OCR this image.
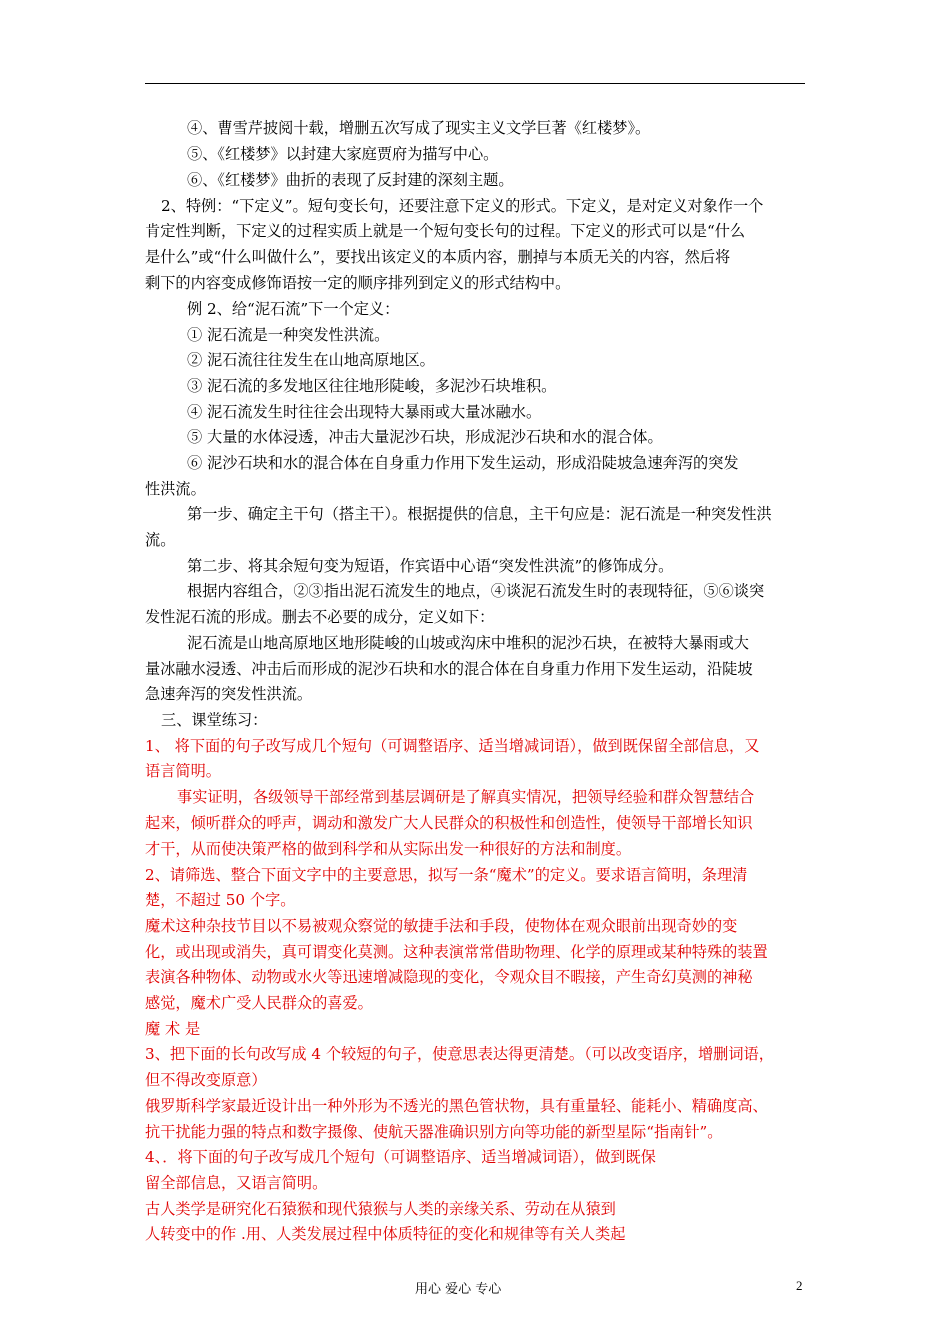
④、曹雪芹披阅十载，增删五次写成了现实主义文学巨著《红楼梦》。
⑤、《红楼梦》以封建大家庭贾府为描写中心。
⑥、《红楼梦》曲折的表现了反封建的深刻主题。
2、特例：“下定义”。短句变长句，还要注意下定义的形式。下定义，是对定义对象作一个
肯定性判断，下定义的过程实质上就是一个短句变长句的过程。下定义的形式可以是“什么
是什么”或“什么叫做什么”，要找出该定义的本质内容，删掉与本质无关的内容，然后将
剩下的内容变成修饰语按一定的顺序排列到定义的形式结构中。
例 2、给“泥石流”下一个定义：
① 泥石流是一种突发性洪流。
② 泥石流往往发生在山地高原地区。
③ 泥石流的多发地区往往地形陡峻，多泥沙石块堆积。
④ 泥石流发生时往往会出现特大暴雨或大量冰融水。
⑤ 大量的水体浸透，冲击大量泥沙石块，形成泥沙石块和水的混合体。
⑥ 泥沙石块和水的混合体在自身重力作用下发生运动，形成沿陡坡急速奔泻的突发
性洪流。
第一步、确定主干句（搭主干）。根据提供的信息，主干句应是：泥石流是一种突发性洪
流。
第二步、将其余短句变为短语，作宾语中心语“突发性洪流”的修饰成分。
根据内容组合，②③指出泥石流发生的地点，④谈泥石流发生时的表现特征，⑤⑥谈突
发性泥石流的形成。删去不必要的成分，定义如下：
泥石流是山地高原地区地形陡峻的山坡或沟床中堆积的泥沙石块，在被特大暴雨或大
量冰融水浸透、冲击后而形成的泥沙石块和水的混合体在自身重力作用下发生运动，沿陡坡
急速奔泻的突发性洪流。
三、课堂练习：
1、 将下面的句子改写成几个短句（可调整语序、适当增减词语），做到既保留全部信息，又
语言简明。
事实证明，各级领导干部经常到基层调研是了解真实情况，把领导经验和群众智慧结合
起来，倾听群众的呼声，调动和激发广大人民群众的积极性和创造性，使领导干部增长知识
才干，从而使决策严格的做到科学和从实际出发一种很好的方法和制度。
2、请筛选、整合下面文字中的主要意思，拟写一条“魔术”的定义。要求语言简明，条理清
楚，不超过 50 个字。
魔术这种杂技节目以不易被观众察觉的敏捷手法和手段，使物体在观众眼前出现奇妙的变
化，或出现或消失，真可谓变化莫测。这种表演常常借助物理、化学的原理或某种特殊的装置
表演各种物体、动物或水火等迅速增减隐现的变化，令观众目不暇接，产生奇幻莫测的神秘
感觉，魔术广受人民群众的喜爱。
魔 术 是
3、把下面的长句改写成 4 个较短的句子，使意思表达得更清楚。（可以改变语序，增删词语，
但不得改变原意）
俄罗斯科学家最近设计出一种外形为不透光的黑色管状物，具有重量轻、能耗小、精确度高、
抗干扰能力强的特点和数字摄像、使航天器准确识别方向等功能的新型星际“指南针”。
4、．将下面的句子改写成几个短句（可调整语序、适当增减词语），做到既保
留全部信息，又语言简明。
古人类学是研究化石猿猴和现代猿猴与人类的亲缘关系、劳动在从猿到
人转变中的作 .用、人类发展过程中体质特征的变化和规律等有关人类起
用心 爱心 专心	2
